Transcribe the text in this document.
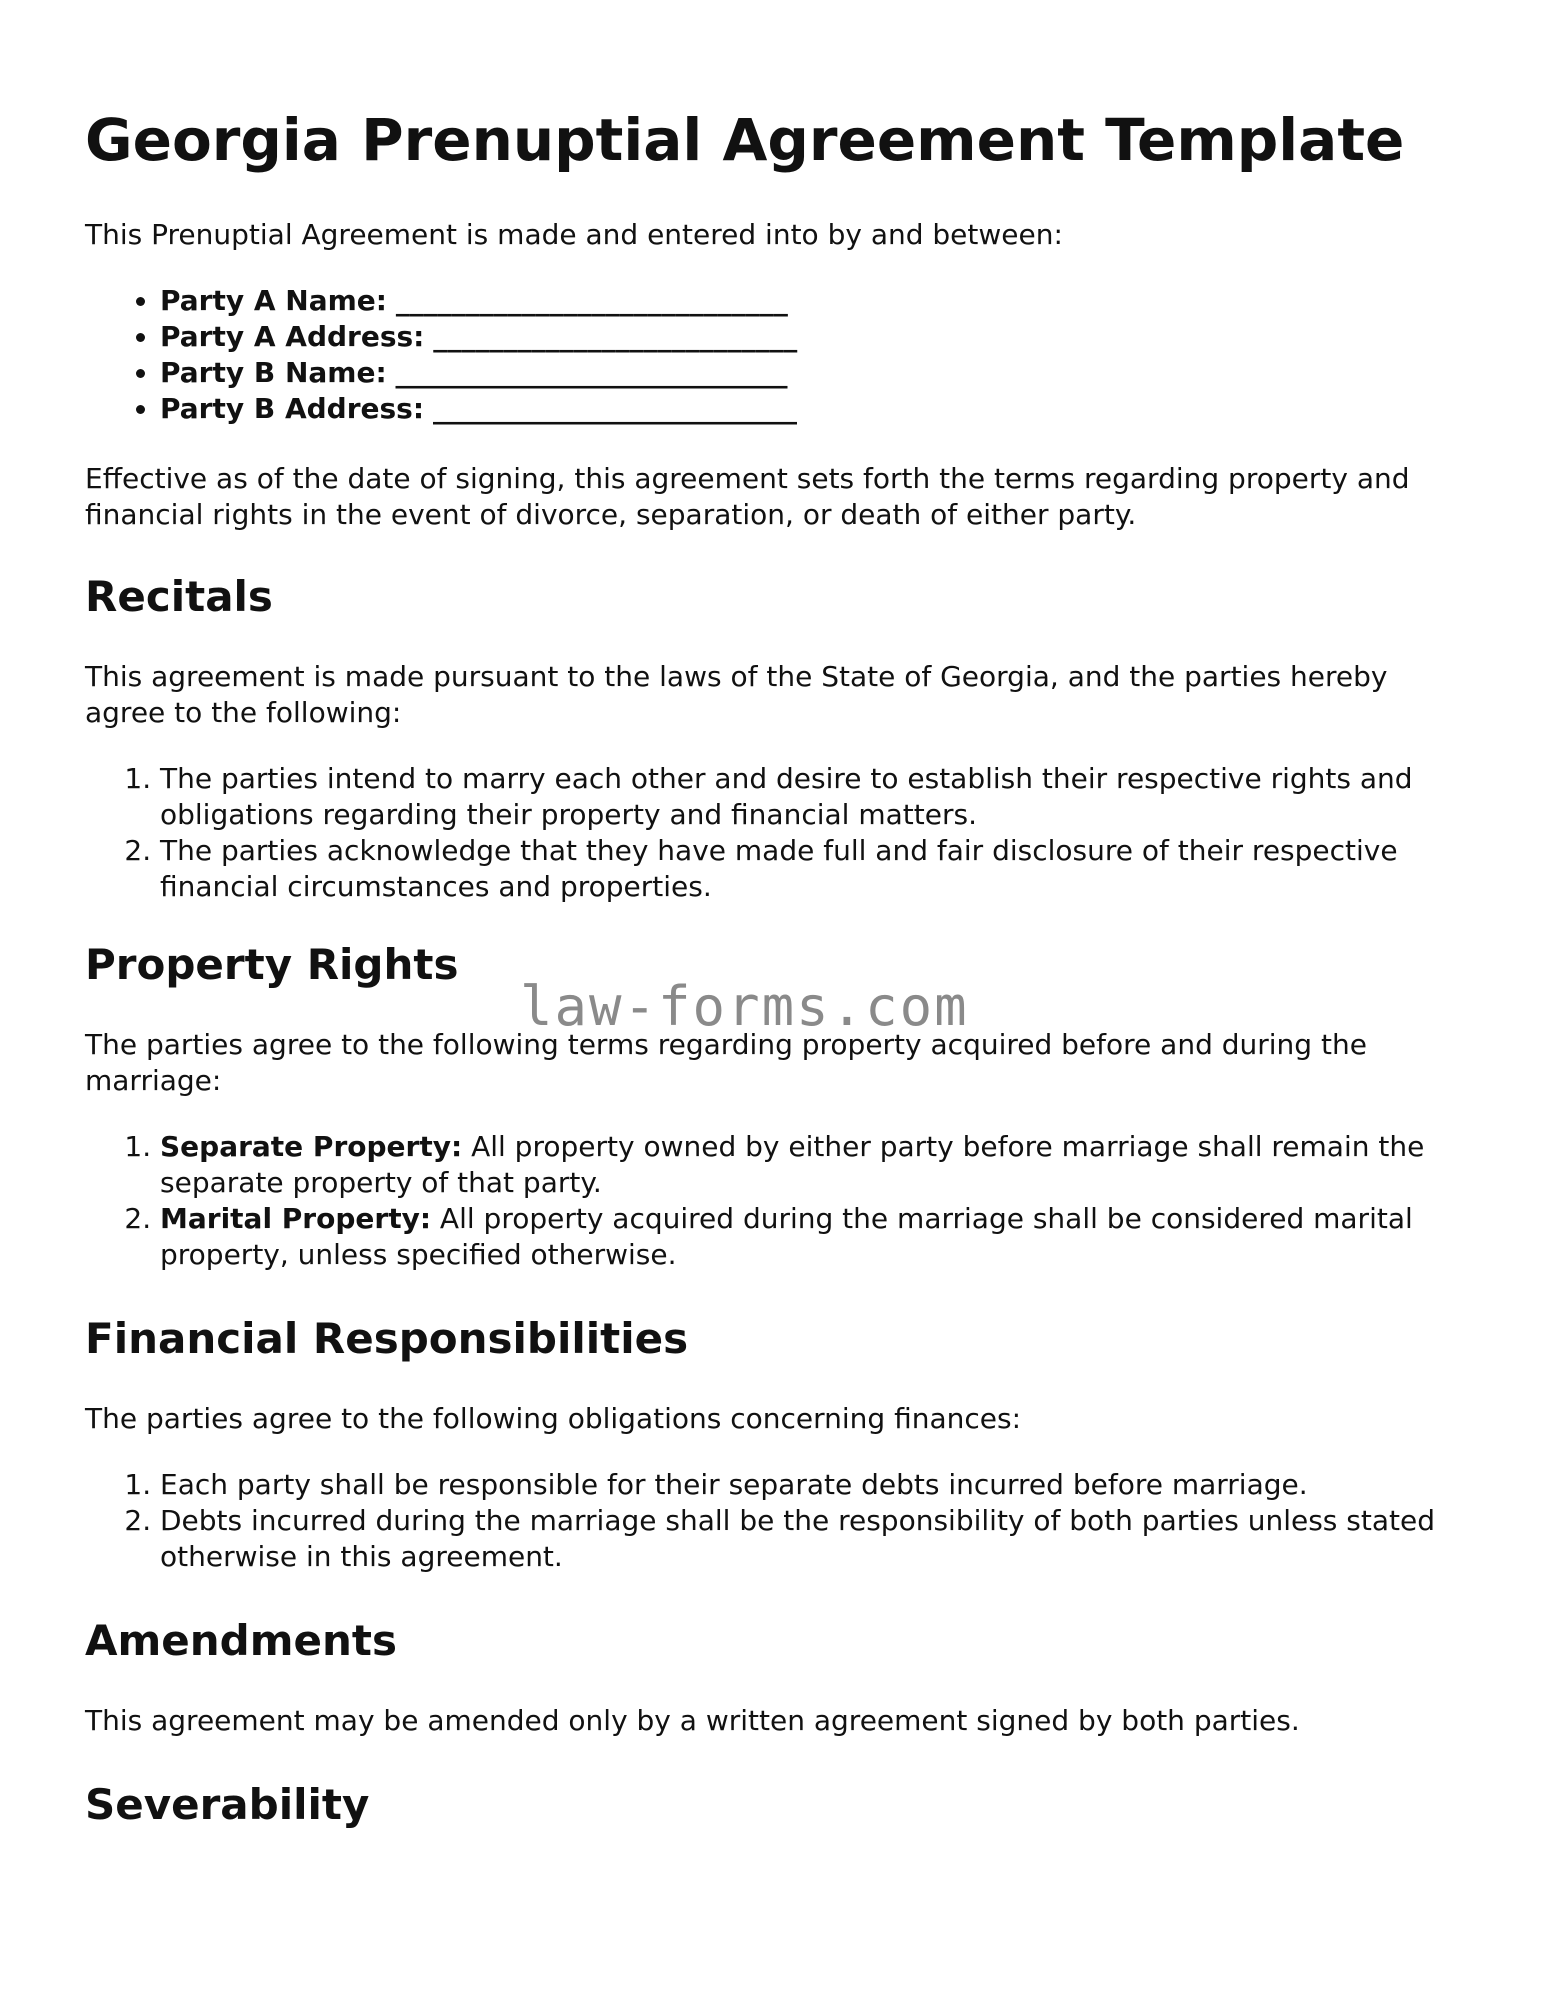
Georgia Prenuptial Agreement Template

This Prenuptial Agreement is made and entered into by and between:

• Party A Name: ____________________________
• Party A Address: __________________________
• Party B Name: ____________________________
• Party B Address: __________________________

Effective as of the date of signing, this agreement sets forth the terms regarding property and financial rights in the event of divorce, separation, or death of either party.

Recitals

This agreement is made pursuant to the laws of the State of Georgia, and the parties hereby agree to the following:

1. The parties intend to marry each other and desire to establish their respective rights and obligations regarding their property and financial matters.
2. The parties acknowledge that they have made full and fair disclosure of their respective financial circumstances and properties.
Property Rights

The parties agree to the following terms regarding property acquired before and during the marriage:

1. Separate Property: All property owned by either party before marriage shall remain the separate property of that party.
2. Marital Property: All property acquired during the marriage shall be considered marital property, unless specified otherwise.
Financial Responsibilities

The parties agree to the following obligations concerning finances:

1. Each party shall be responsible for their separate debts incurred before marriage.
2. Debts incurred during the marriage shall be the responsibility of both parties unless stated otherwise in this agreement.
Amendments

This agreement may be amended only by a written agreement signed by both parties.

Severability
law-forms.com
